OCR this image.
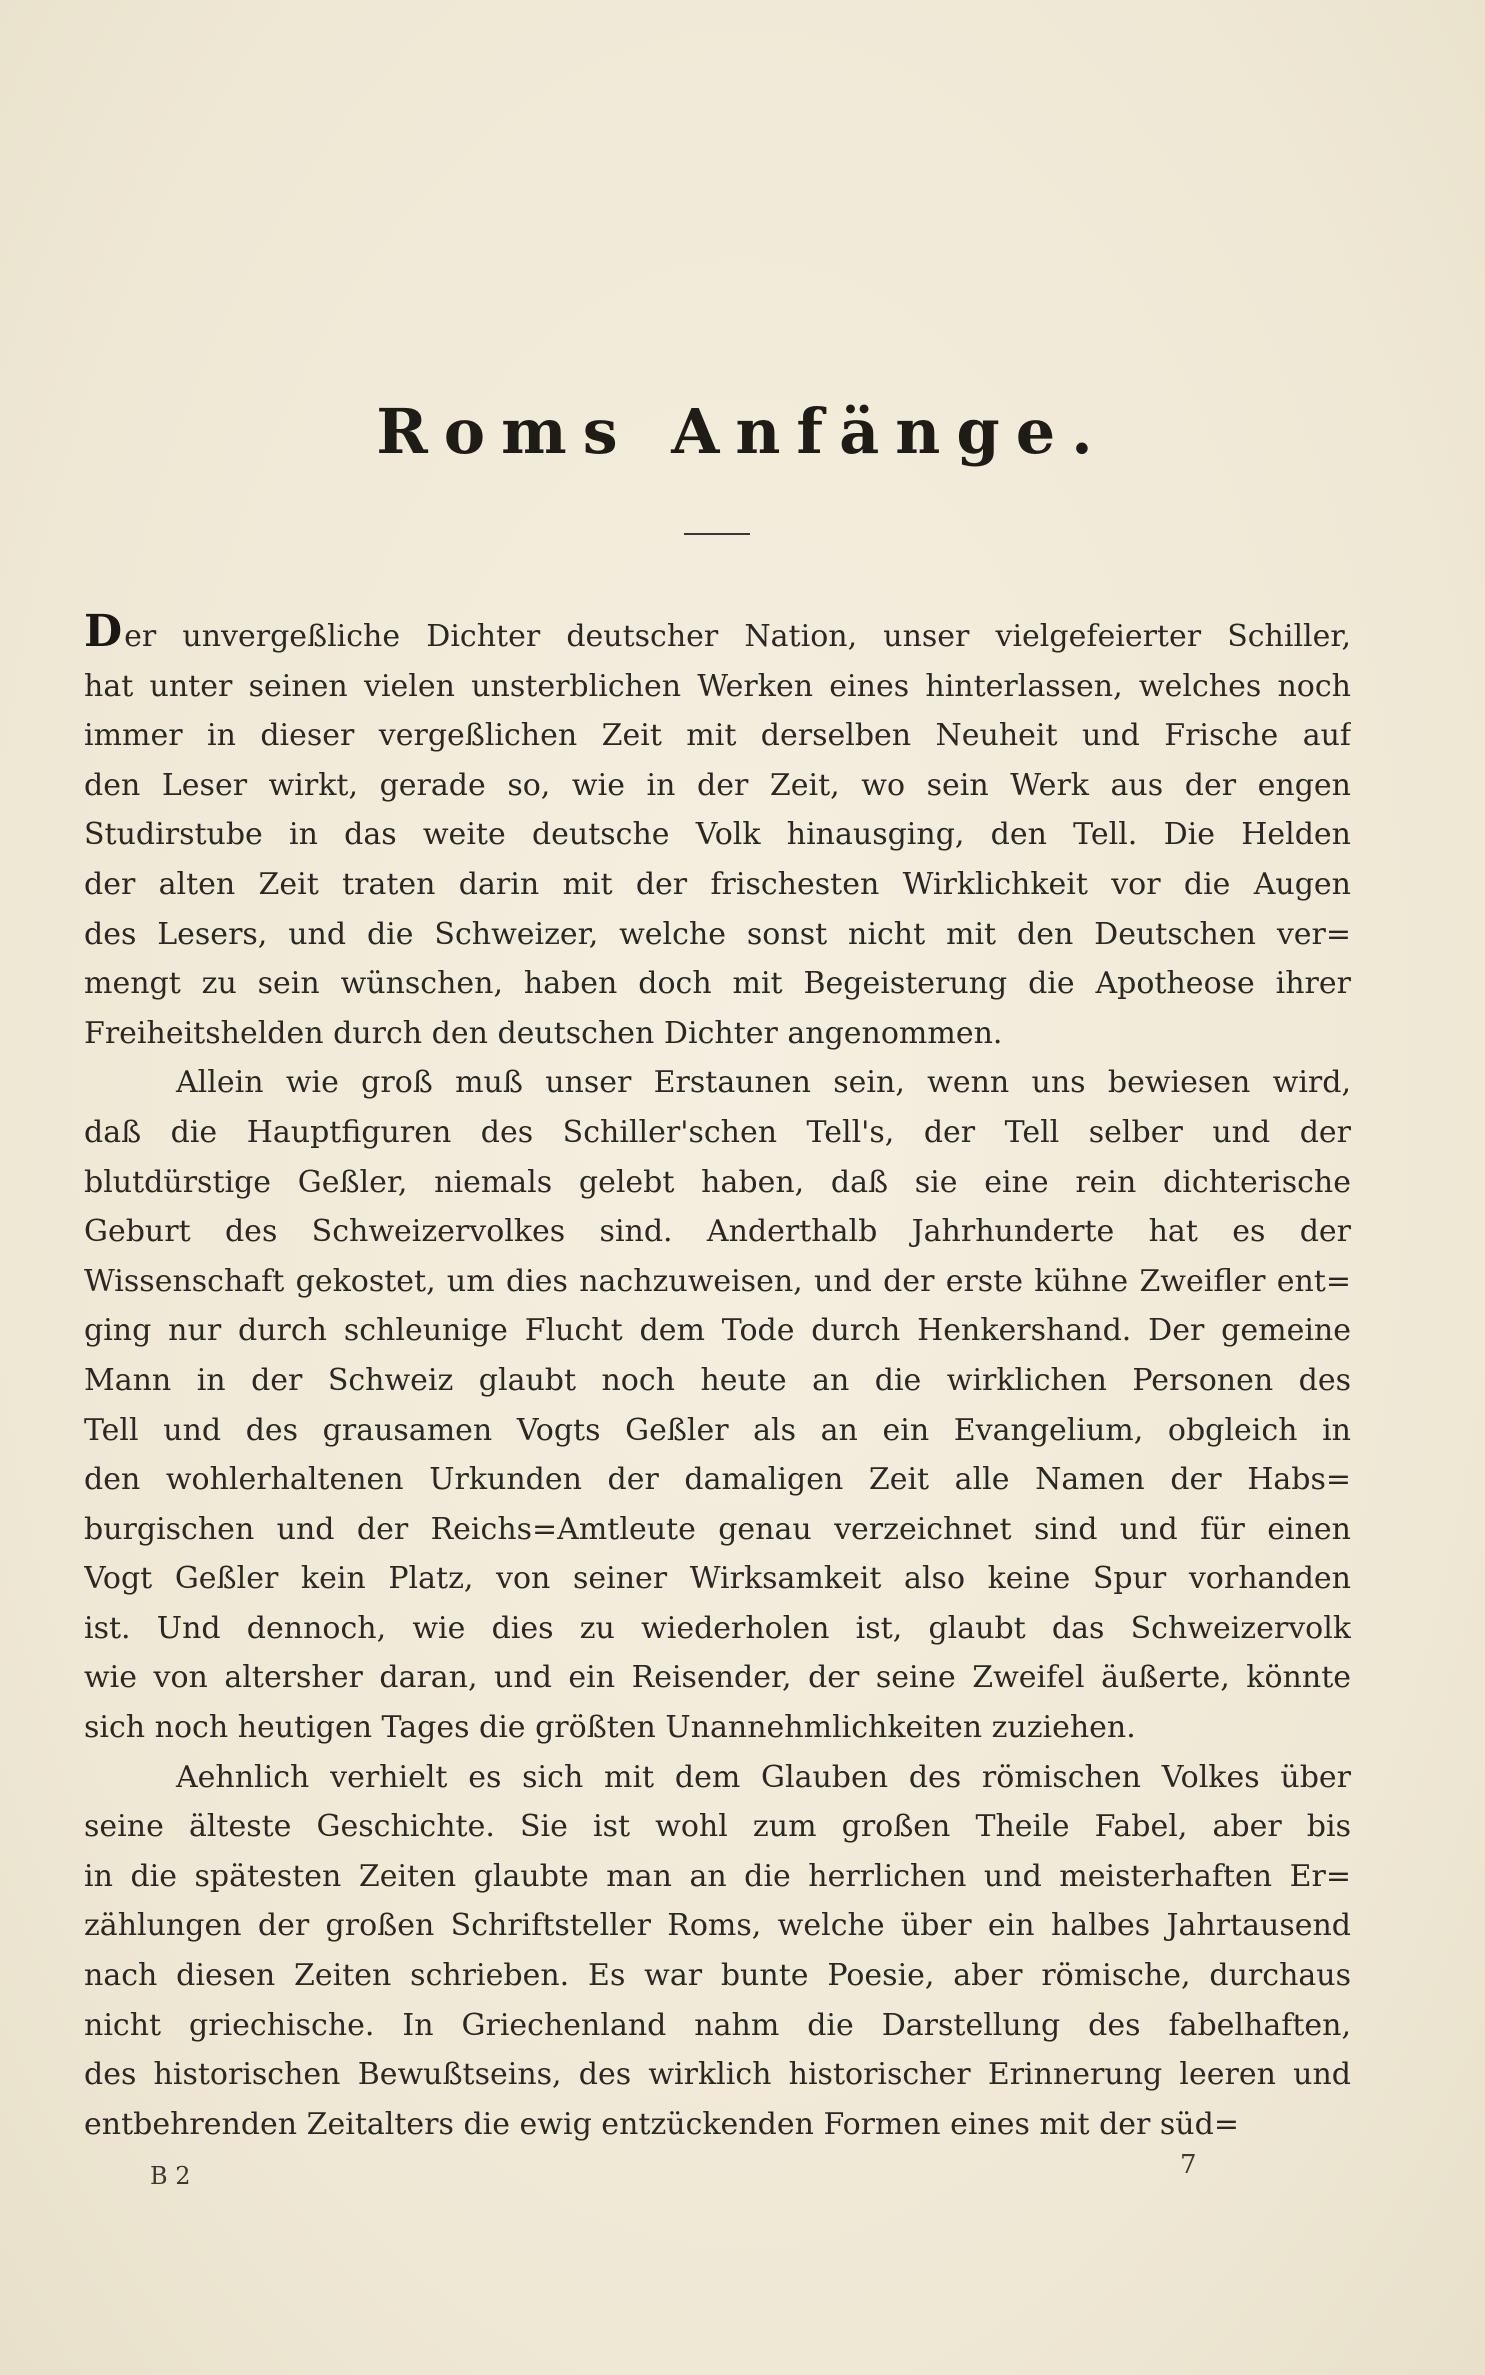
Roms Anfänge.
Der unvergeßliche Dichter deutscher Nation, unser vielgefeierter Schiller,
hat unter seinen vielen unsterblichen Werken eines hinterlassen, welches noch
immer in dieser vergeßlichen Zeit mit derselben Neuheit und Frische auf
den Leser wirkt, gerade so, wie in der Zeit, wo sein Werk aus der engen
Studirstube in das weite deutsche Volk hinausging, den Tell. Die Helden
der alten Zeit traten darin mit der frischesten Wirklichkeit vor die Augen
des Lesers, und die Schweizer, welche sonst nicht mit den Deutschen ver=
mengt zu sein wünschen, haben doch mit Begeisterung die Apotheose ihrer
Freiheitshelden durch den deutschen Dichter angenommen.
Allein wie groß muß unser Erstaunen sein, wenn uns bewiesen wird,
daß die Hauptfiguren des Schiller'schen Tell's, der Tell selber und der
blutdürstige Geßler, niemals gelebt haben, daß sie eine rein dichterische
Geburt des Schweizervolkes sind. Anderthalb Jahrhunderte hat es der
Wissenschaft gekostet, um dies nachzuweisen, und der erste kühne Zweifler ent=
ging nur durch schleunige Flucht dem Tode durch Henkershand. Der gemeine
Mann in der Schweiz glaubt noch heute an die wirklichen Personen des
Tell und des grausamen Vogts Geßler als an ein Evangelium, obgleich in
den wohlerhaltenen Urkunden der damaligen Zeit alle Namen der Habs=
burgischen und der Reichs=Amtleute genau verzeichnet sind und für einen
Vogt Geßler kein Platz, von seiner Wirksamkeit also keine Spur vorhanden
ist. Und dennoch, wie dies zu wiederholen ist, glaubt das Schweizervolk
wie von altersher daran, und ein Reisender, der seine Zweifel äußerte, könnte
sich noch heutigen Tages die größten Unannehmlichkeiten zuziehen.
Aehnlich verhielt es sich mit dem Glauben des römischen Volkes über
seine älteste Geschichte. Sie ist wohl zum großen Theile Fabel, aber bis
in die spätesten Zeiten glaubte man an die herrlichen und meisterhaften Er=
zählungen der großen Schriftsteller Roms, welche über ein halbes Jahrtausend
nach diesen Zeiten schrieben. Es war bunte Poesie, aber römische, durchaus
nicht griechische. In Griechenland nahm die Darstellung des fabelhaften,
des historischen Bewußtseins, des wirklich historischer Erinnerung leeren und
entbehrenden Zeitalters die ewig entzückenden Formen eines mit der süd=
B 2	7
